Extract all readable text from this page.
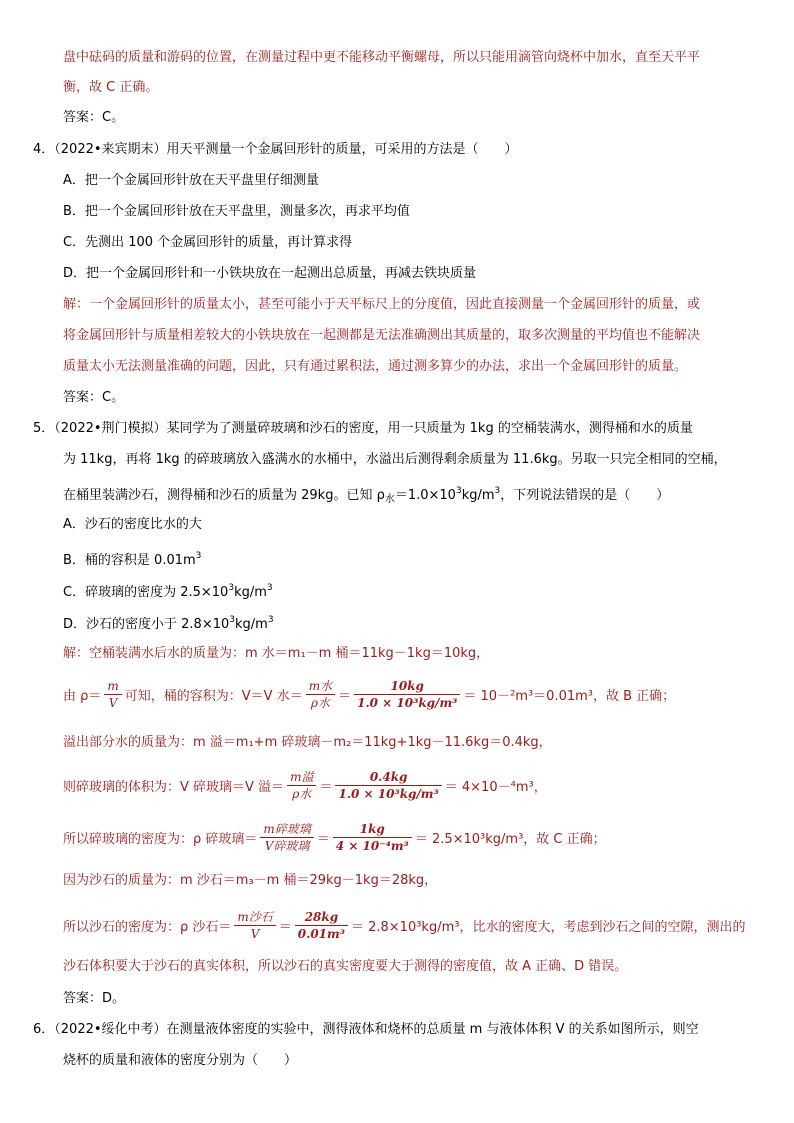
盘中砝码的质量和游码的位置，在测量过程中更不能移动平衡螺母，所以只能用滴管向烧杯中加水，直至天平平
衡，故 C 正确。
答案：C。
4．（2022•来宾期末）用天平测量一个金属回形针的质量，可采用的方法是（　　）
A．把一个金属回形针放在天平盘里仔细测量
B．把一个金属回形针放在天平盘里，测量多次，再求平均值
C．先测出 100 个金属回形针的质量，再计算求得
D．把一个金属回形针和一小铁块放在一起测出总质量，再减去铁块质量
解：一个金属回形针的质量太小，甚至可能小于天平标尺上的分度值，因此直接测量一个金属回形针的质量，或
将金属回形针与质量相差较大的小铁块放在一起测都是无法准确测出其质量的，取多次测量的平均值也不能解决
质量太小无法测量准确的问题，因此，只有通过累积法，通过测多算少的办法，求出一个金属回形针的质量。
答案：C。
5．（2022•荆门模拟）某同学为了测量碎玻璃和沙石的密度，用一只质量为 1kg 的空桶装满水，测得桶和水的质量
为 11kg，再将 1kg 的碎玻璃放入盛满水的水桶中，水溢出后测得剩余质量为 11.6kg。另取一只完全相同的空桶，
在桶里装满沙石，测得桶和沙石的质量为 29kg。已知 $\rho_水=1.0\times 10^3kg/m^3$，下列说法错误的是（　　）
A．沙石的密度比水的大
B．桶的容积是 $0.01m^3$
C．碎玻璃的密度为 $2.5\times 10^3kg/m^3$
D．沙石的密度小于 $2.8\times 10^3kg/m^3$
解：空桶装满水后水的质量为：m 水＝m₁－m 桶＝11kg－1kg＝10kg，
由 $\rho= \frac{m}{V}$ 可知，桶的容积为：V＝V 水＝ $\frac{\text{m水}}{\text{ρ水}} = \frac{10kg}{\text{1.0 × 10³kg/m³}} = 10-^2m^3=0.01m^3$，故 B 正确；
溢出部分水的质量为：m 溢＝m₁+m 碎玻璃－m₂＝11kg+1kg－11.6kg＝0.4kg，
则碎玻璃的体积为：V 碎玻璃＝V 溢＝ $\frac{\text{m溢}}{\text{ρ水}} = \frac{0.4kg}{\text{1.0 × 10³kg/m³}} = 4\times 10-^4m^3$，
所以碎玻璃的密度为：ρ 碎玻璃＝ $\frac{\text{m碎玻璃}}{\text{V碎玻璃}} = \frac{1kg}{\text{4 × 10⁻⁴m³}} = 2.5\times 10^3kg/m^3$，故 C 正确；
因为沙石的质量为：m 沙石＝m₃－m 桶＝29kg－1kg＝28kg，
所以沙石的密度为：ρ 沙石＝ $\frac{\text{m沙石}}{V} = \frac{28kg}{\text{0.01m³}} = 2.8\times 10^3kg/m^3$，比水的密度大，考虑到沙石之间的空隙，测出的
沙石体积要大于沙石的真实体积，所以沙石的真实密度要大于测得的密度值，故 A 正确、D 错误。
答案：D。
6．（2022•绥化中考）在测量液体密度的实验中，测得液体和烧杯的总质量 m 与液体体积 V 的关系如图所示，则空
烧杯的质量和液体的密度分别为（　　）
